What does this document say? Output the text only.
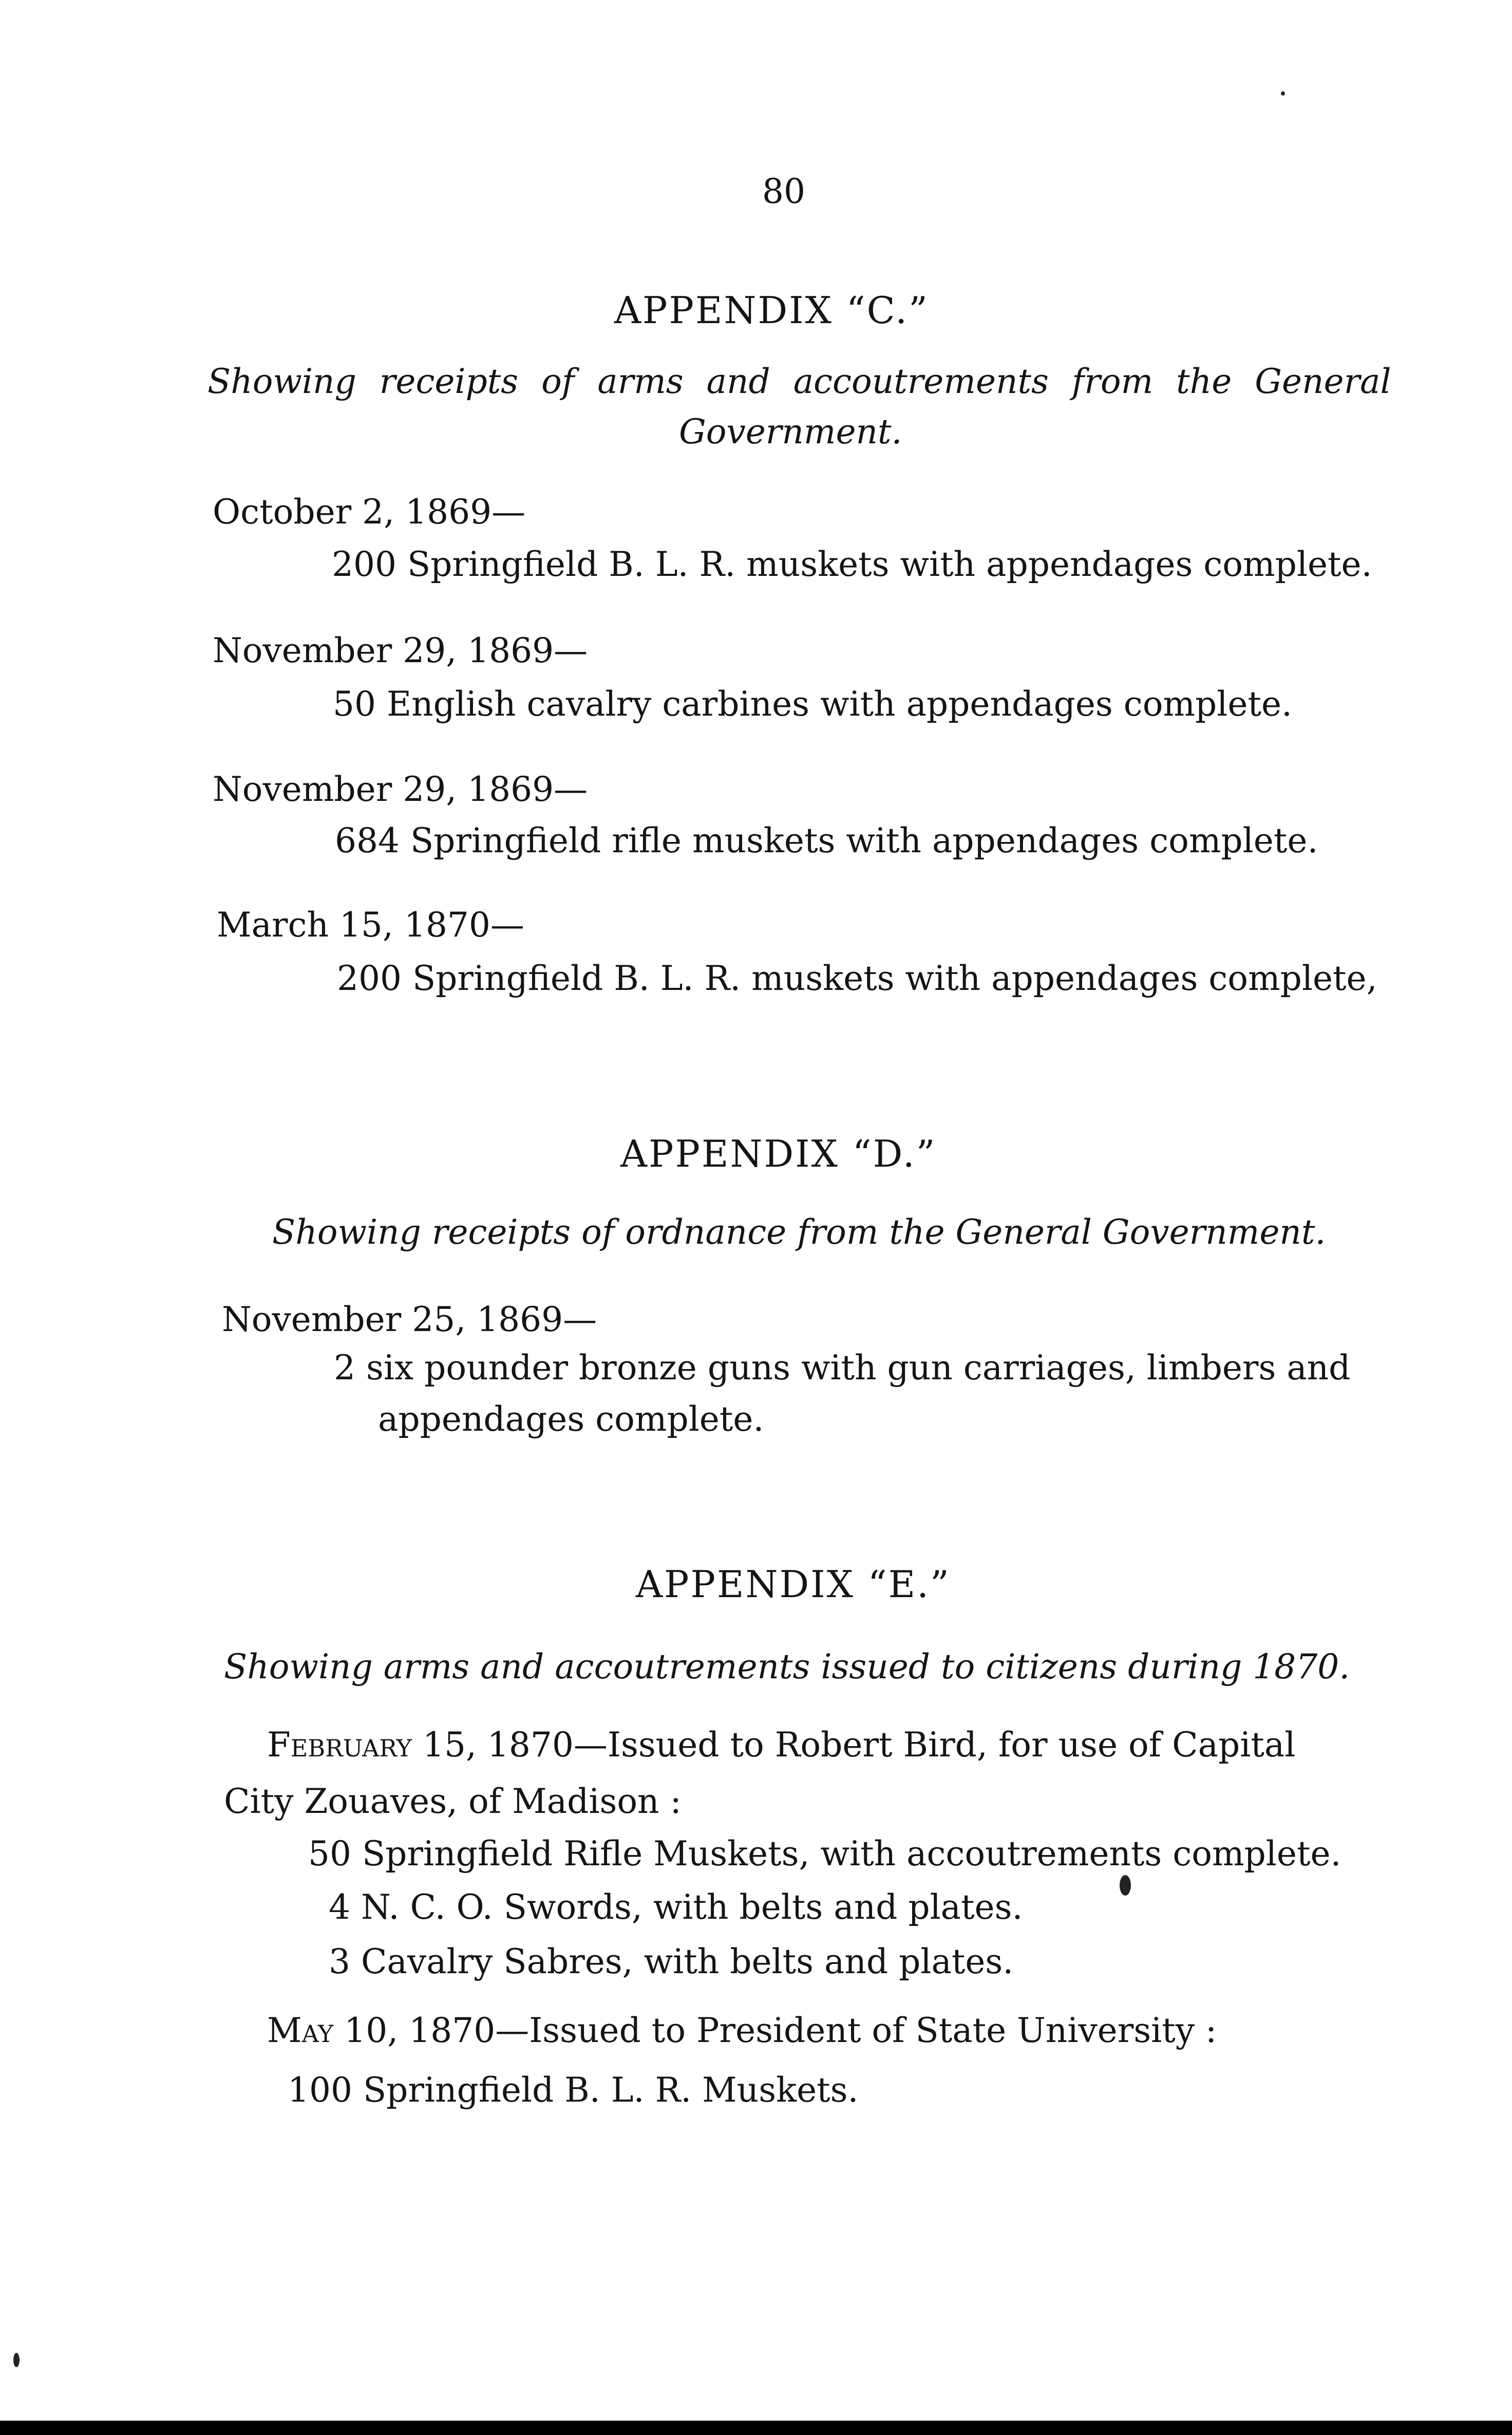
80
APPENDIX “C.”
Showing receipts of arms and accoutrements from the General
Government.
October 2, 1869—
200 Springfield B. L. R. muskets with appendages complete.
November 29, 1869—
50 English cavalry carbines with appendages complete.
November 29, 1869—
684 Springfield rifle muskets with appendages complete.
March 15, 1870—
200 Springfield B. L. R. muskets with appendages complete,
APPENDIX “D.”
Showing receipts of ordnance from the General Government.
November 25, 1869—
2 six pounder bronze guns with gun carriages, limbers and
appendages complete.
APPENDIX “E.”
Showing arms and accoutrements issued to citizens during 1870.
February 15, 1870—Issued to Robert Bird, for use of Capital
City Zouaves, of Madison :
50 Springfield Rifle Muskets, with accoutrements complete.
4 N. C. O. Swords, with belts and plates.
3 Cavalry Sabres, with belts and plates.
May 10, 1870—Issued to President of State University :
100 Springfield B. L. R. Muskets.
